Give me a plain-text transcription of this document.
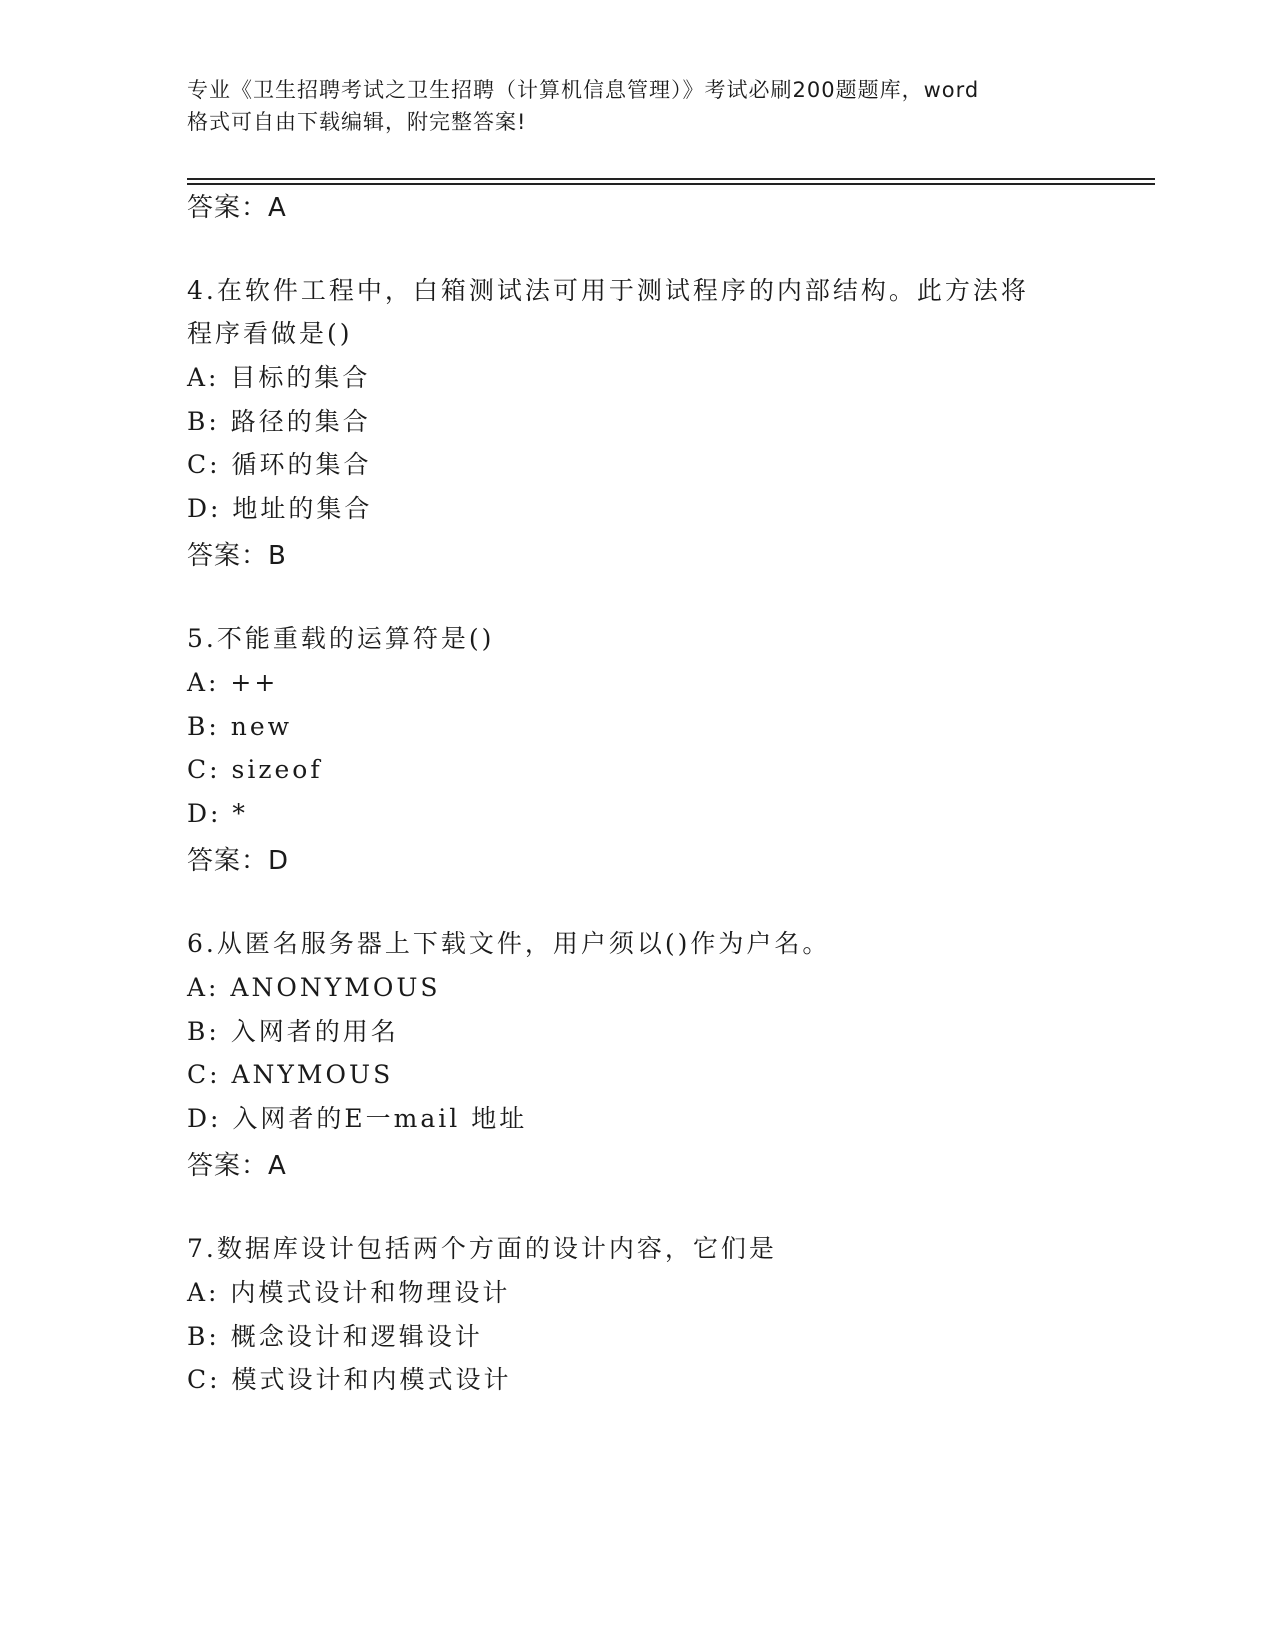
专业《卫生招聘考试之卫生招聘（计算机信息管理）》考试必刷200题题库，word
格式可自由下载编辑，附完整答案!
答案：A
4.在软件工程中，白箱测试法可用于测试程序的内部结构。此方法将
程序看做是()
A: 目标的集合
B: 路径的集合
C: 循环的集合
D: 地址的集合
答案：B
5.不能重载的运算符是()
A: ++
B: new
C: sizeof
D: *
答案：D
6.从匿名服务器上下载文件，用户须以()作为户名。
A: ANONYMOUS
B: 入网者的用名
C: ANYMOUS
D: 入网者的E一mail 地址
答案：A
7.数据库设计包括两个方面的设计内容，它们是
A: 内模式设计和物理设计
B: 概念设计和逻辑设计
C: 模式设计和内模式设计
